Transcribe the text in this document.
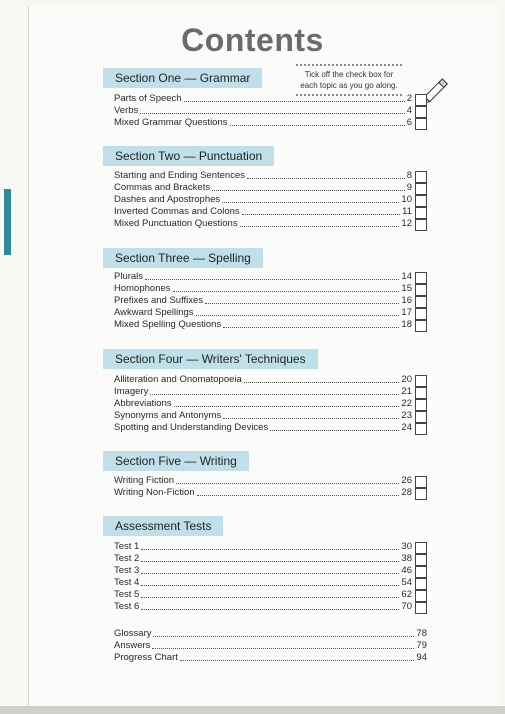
Contents
Tick off the check box for each topic as you go along.
Section One — Grammar
Section Two — Punctuation
Section Three — Spelling
Section Four — Writers' Techniques
Section Five — Writing
Assessment Tests
Parts of Speech	2
Verbs	4
Mixed Grammar Questions	6
Starting and Ending Sentences	8
Commas and Brackets	9
Dashes and Apostrophes	10
Inverted Commas and Colons	11
Mixed Punctuation Questions	12
Plurals	14
Homophones	15
Prefixes and Suffixes	16
Awkward Spellings	17
Mixed Spelling Questions	18
Alliteration and Onomatopoeia	20
Imagery	21
Abbreviations	22
Synonyms and Antonyms	23
Spotting and Understanding Devices	24
Writing Fiction	26
Writing Non-Fiction	28
Test 1	30
Test 2	38
Test 3	46
Test 4	54
Test 5	62
Test 6	70
Glossary	78
Answers	79
Progress Chart	94
